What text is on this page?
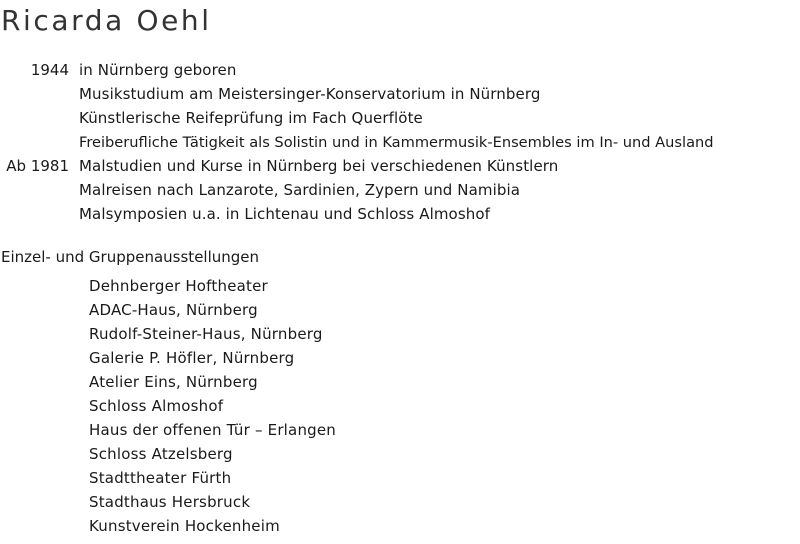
Ricarda Oehl
1944 in Nürnberg geboren
Musikstudium am Meistersinger-Konservatorium in Nürnberg
Künstlerische Reifeprüfung im Fach Querflöte
Freiberufliche Tätigkeit als Solistin und in Kammermusik-Ensembles im In- und Ausland
Ab 1981 Malstudien und Kurse in Nürnberg bei verschiedenen Künstlern
Malreisen nach Lanzarote, Sardinien, Zypern und Namibia
Malsymposien u.a. in Lichtenau und Schloss Almoshof
Einzel- und Gruppenausstellungen
Dehnberger Hoftheater
ADAC-Haus, Nürnberg
Rudolf-Steiner-Haus, Nürnberg
Galerie P. Höfler, Nürnberg
Atelier Eins, Nürnberg
Schloss Almoshof
Haus der offenen Tür – Erlangen
Schloss Atzelsberg
Stadttheater Fürth
Stadthaus Hersbruck
Kunstverein Hockenheim
